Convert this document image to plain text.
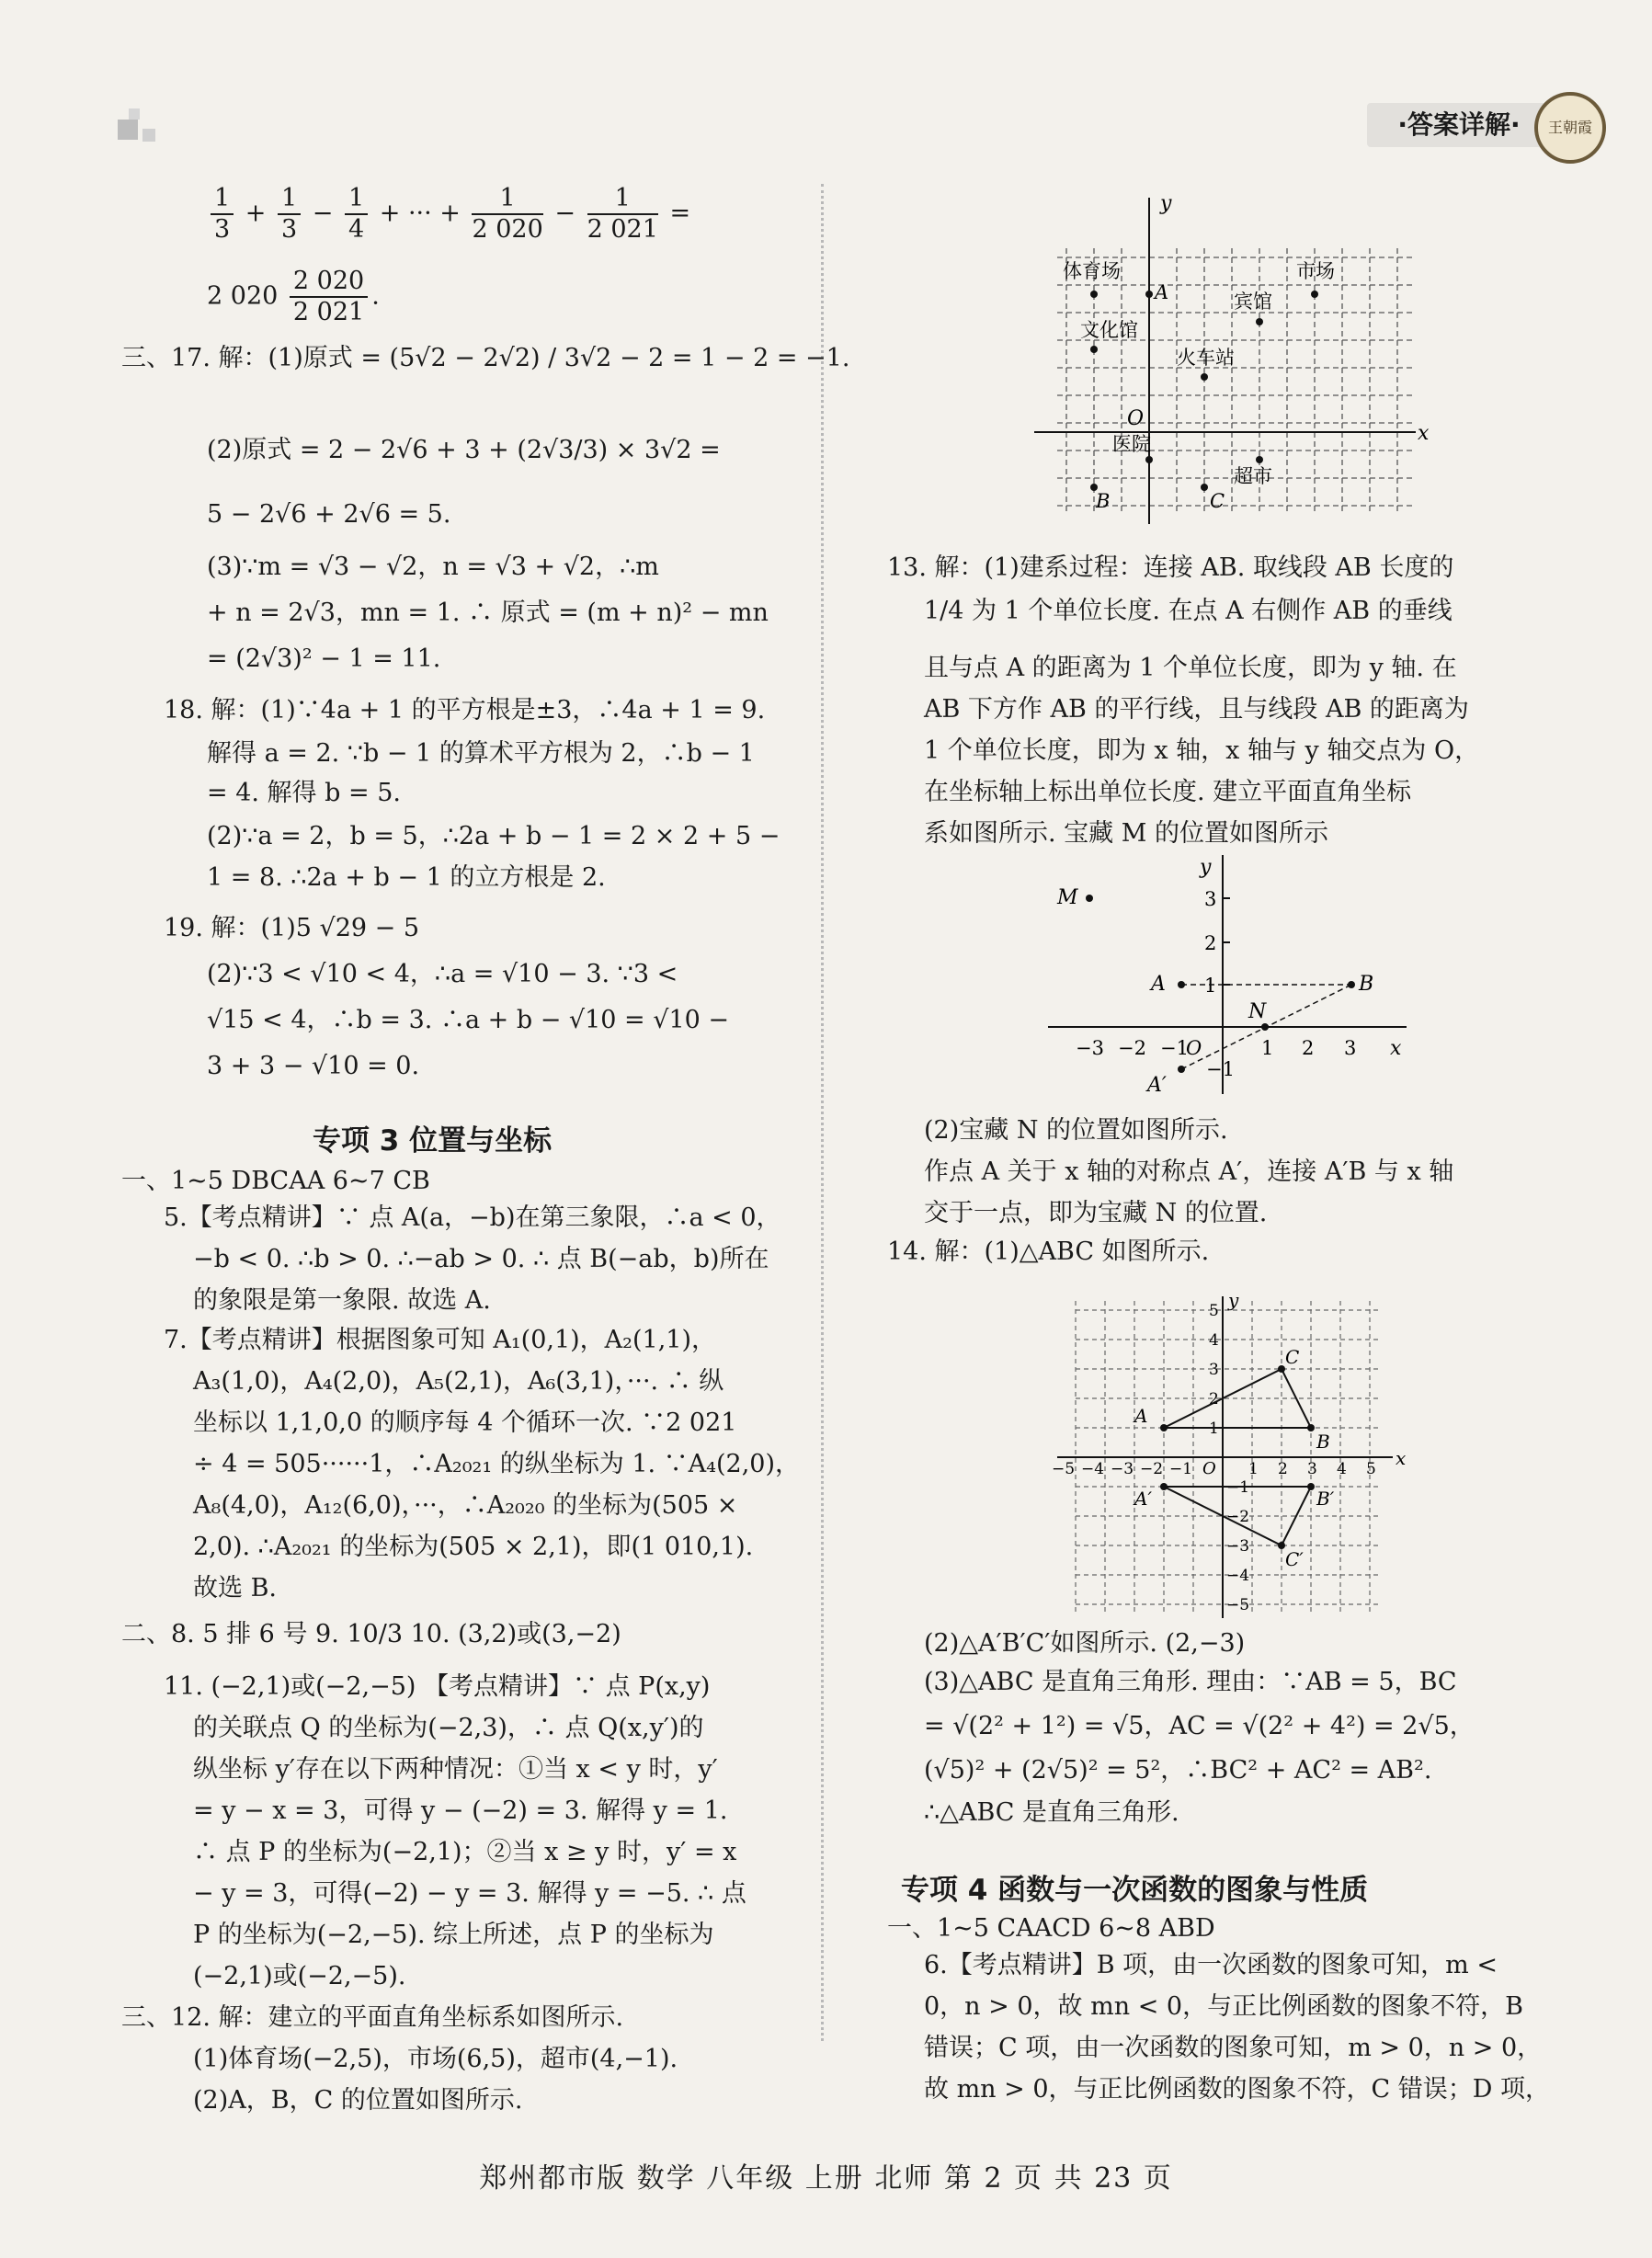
·答案详解·	王朝霞
$\frac{1}{3} + \frac{1}{3} - \frac{1}{4}$ + ··· + $\frac{1}{2 020} - \frac{1}{2 021}$ =
2 $020 \frac{2 020}{2 021}$ .
三、17. 解：(1)原式 = (5√2 − 2√2) / 3√2 − 2 = 1 − 2 = −1.
(2)原式 = 2 − 2√6 + 3 + (2√3/3) × 3√2 =
5 − 2√6 + 2√6 = 5.
(3)∵m = √3 − √2，n = √3 + √2，∴m
+ n = 2√3，mn = 1. ∴ 原式 = (m + n)² − mn
= (2√3)² − 1 = 11.
18. 解：(1)∵4a + 1 的平方根是±3，∴4a + 1 = 9.
解得 a = 2. ∵b − 1 的算术平方根为 2，∴b − 1
= 4. 解得 b = 5.
(2)∵a = 2，b = 5，∴2a + b − 1 = 2 × 2 + 5 −
1 = 8. ∴2a + b − 1 的立方根是 2.
19. 解：(1)5 √29 − 5
(2)∵3 < √10 < 4，∴a = √10 − 3. ∵3 <
√15 < 4，∴b = 3. ∴a + b − √10 = √10 −
3 + 3 − √10 = 0.
专项 3 位置与坐标
一、1~5 DBCAA 6~7 CB
5.【考点精讲】∵ 点 A(a，−b)在第三象限，∴a < 0，
−b < 0. ∴b > 0. ∴−ab > 0. ∴ 点 B(−ab，b)所在
的象限是第一象限. 故选 A.
7.【考点精讲】根据图象可知 A₁(0,1)，A₂(1,1)，
A₃(1,0)，A₄(2,0)，A₅(2,1)，A₆(3,1)，···. ∴ 纵
坐标以 1,1,0,0 的顺序每 4 个循环一次. ∵2 021
÷ 4 = 505······1，∴A₂₀₂₁ 的纵坐标为 1. ∵A₄(2,0)，
A₈(4,0)，A₁₂(6,0)，···，∴A₂₀₂₀ 的坐标为(505 ×
2,0). ∴A₂₀₂₁ 的坐标为(505 × 2,1)，即(1 010,1).
故选 B.
二、8. 5 排 6 号 9. 10/3 10. (3,2)或(3,−2)
11. (−2,1)或(−2,−5) 【考点精讲】∵ 点 P(x,y)
的关联点 Q 的坐标为(−2,3)，∴ 点 Q(x,y′)的
纵坐标 y′存在以下两种情况：①当 x < y 时，y′
= y − x = 3，可得 y − (−2) = 3. 解得 y = 1.
∴ 点 P 的坐标为(−2,1)；②当 x ≥ y 时，y′ = x
− y = 3，可得(−2) − y = 3. 解得 y = −5. ∴ 点
P 的坐标为(−2,−5). 综上所述，点 P 的坐标为
(−2,1)或(−2,−5).
三、12. 解：建立的平面直角坐标系如图所示.
(1)体育场(−2,5)，市场(6,5)，超市(4,−1).
(2)A，B，C 的位置如图所示.
y
x
O
体育场	市场
宾馆
文化馆
火车站
医院
超市
A
B	C
13. 解：(1)建系过程：连接 AB. 取线段 AB 长度的
1/4 为 1 个单位长度. 在点 A 右侧作 AB 的垂线
且与点 A 的距离为 1 个单位长度，即为 y 轴. 在
AB 下方作 AB 的平行线，且与线段 AB 的距离为
1 个单位长度，即为 x 轴，x 轴与 y 轴交点为 O，
在坐标轴上标出单位长度. 建立平面直角坐标
系如图所示. 宝藏 M 的位置如图所示
x
y
−3 −2 −1	1 2 3
3
2
1
−1
O
M
A	B
N
A′
(2)宝藏 N 的位置如图所示.
作点 A 关于 x 轴的对称点 A′，连接 A′B 与 x 轴
交于一点，即为宝藏 N 的位置.
14. 解：(1)△ABC 如图所示.
x
y
−5 −4 −3 −2 −1	1 2 3 4 5
5
4
3
2
1
−1
−2
−3
−4
−5
O
A
B
C
A′	B′
C′
(2)△A′B′C′如图所示. (2,−3)
(3)△ABC 是直角三角形. 理由：∵AB = 5，BC
= √(2² + 1²) = √5，AC = √(2² + 4²) = 2√5，
(√5)² + (2√5)² = 5²，∴BC² + AC² = AB².
∴△ABC 是直角三角形.
专项 4 函数与一次函数的图象与性质
一、1~5 CAACD 6~8 ABD
6.【考点精讲】B 项，由一次函数的图象可知，m <
0，n > 0，故 mn < 0，与正比例函数的图象不符，B
错误；C 项，由一次函数的图象可知，m > 0，n > 0，
故 mn > 0，与正比例函数的图象不符，C 错误；D 项，
郑州都市版 数学 八年级 上册 北师 第 2 页 共 23 页
